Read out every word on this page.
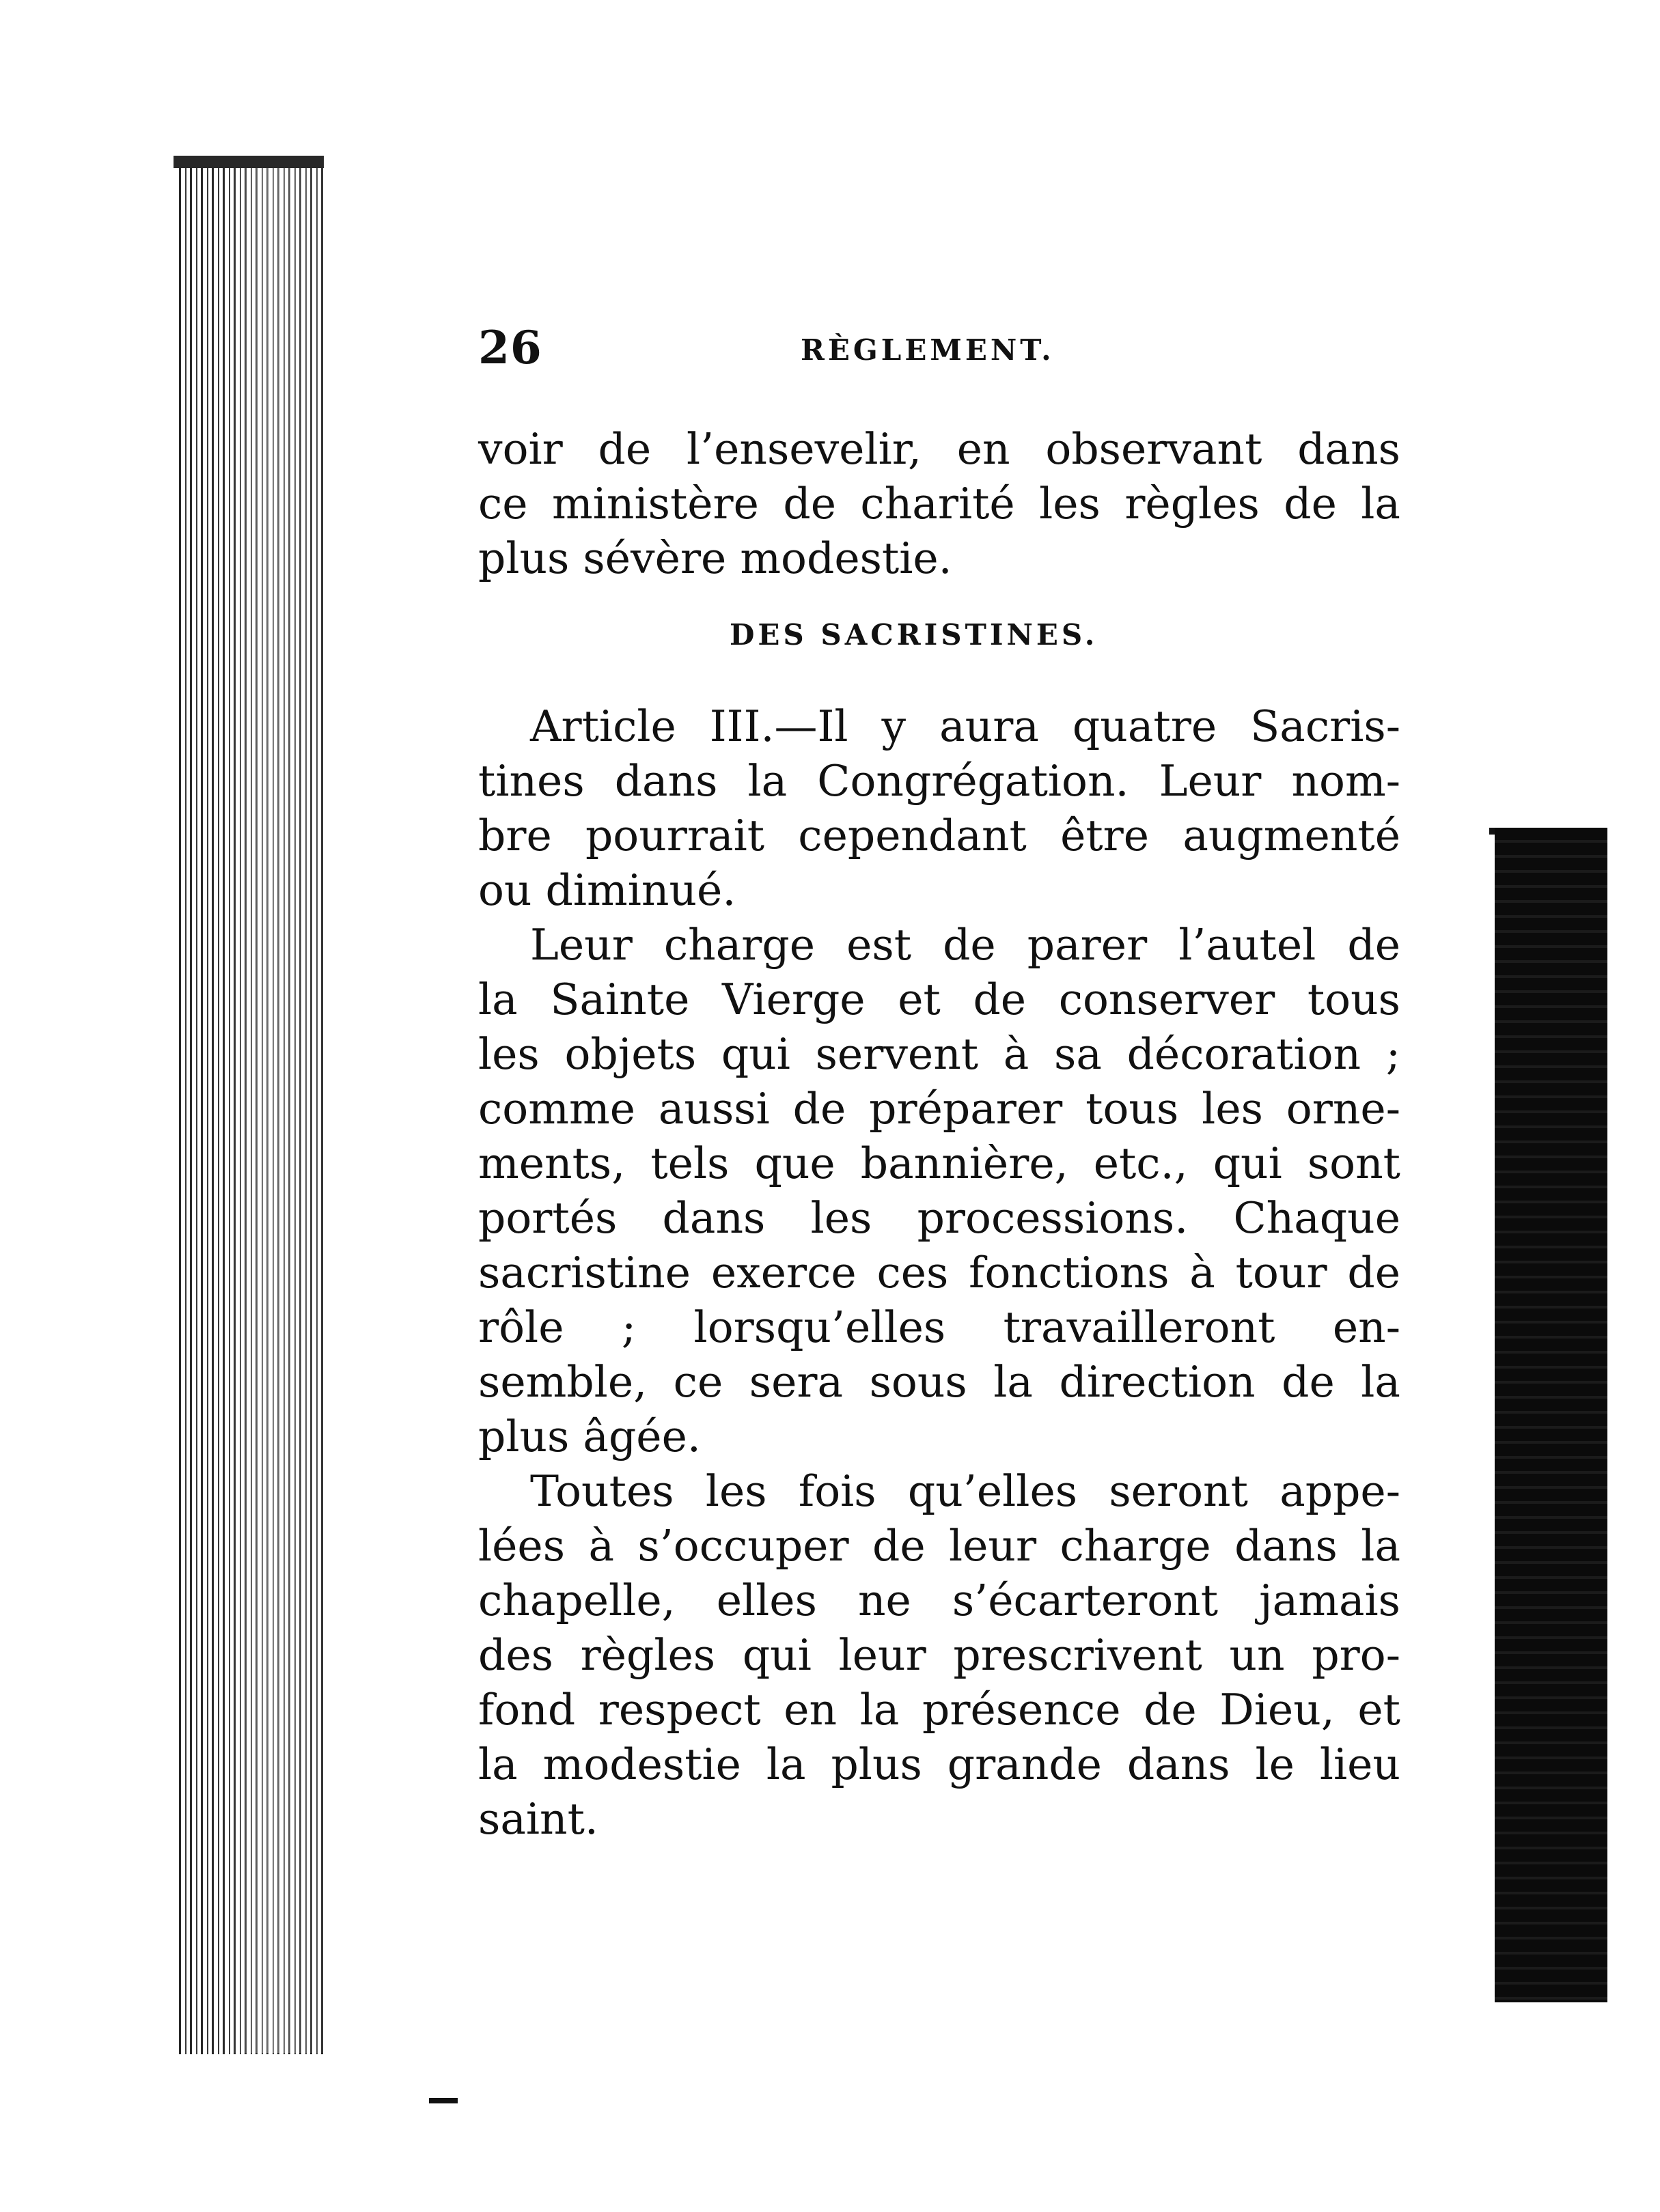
26	RÈGLEMENT.
voir de l’ensevelir, en observant dans
ce ministère de charité les règles de la
plus sévère modestie.
DES SACRISTINES.
Article III.—Il y aura quatre Sacris-
tines dans la Congrégation. Leur nom-
bre pourrait cependant être augmenté
ou diminué.
Leur charge est de parer l’autel de
la Sainte Vierge et de conserver tous
les objets qui servent à sa décoration ;
comme aussi de préparer tous les orne-
ments, tels que bannière, etc., qui sont
portés dans les processions. Chaque
sacristine exerce ces fonctions à tour de
rôle ; lorsqu’elles travailleront en-
semble, ce sera sous la direction de la
plus âgée.
Toutes les fois qu’elles seront appe-
lées à s’occuper de leur charge dans la
chapelle, elles ne s’écarteront jamais
des règles qui leur prescrivent un pro-
fond respect en la présence de Dieu, et
la modestie la plus grande dans le lieu
saint.
